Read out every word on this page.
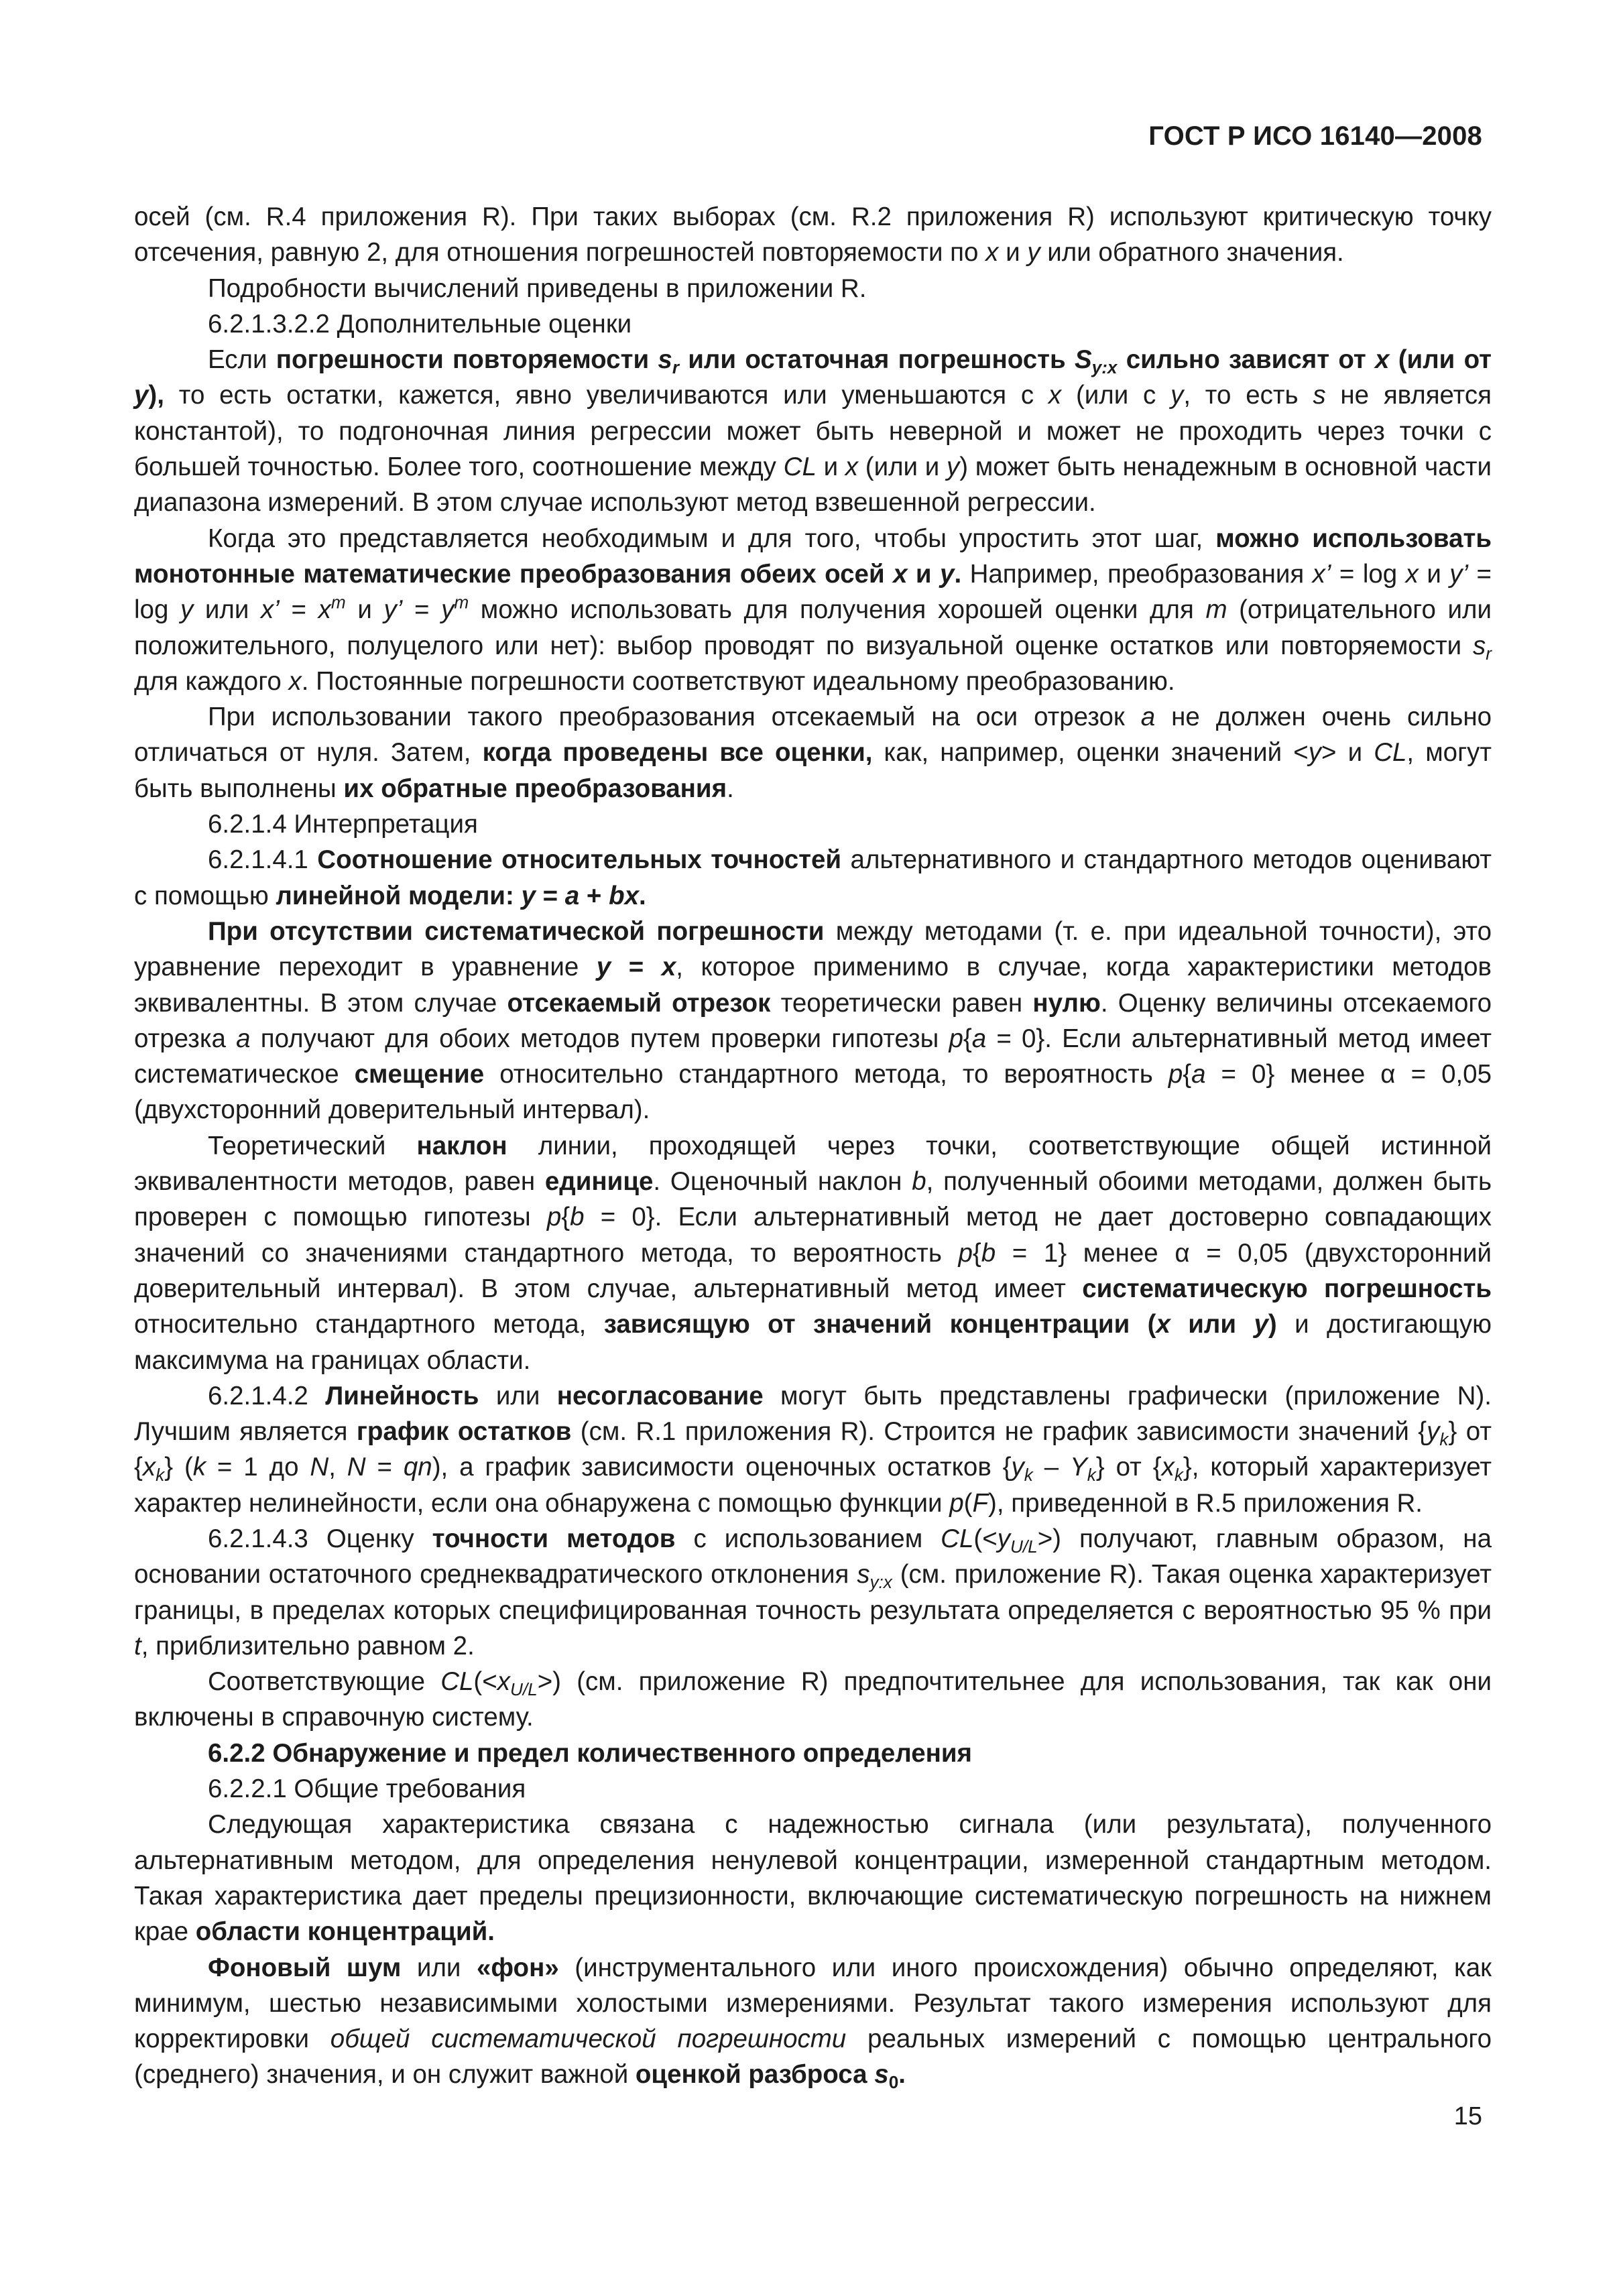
ГОСТ Р ИСО 16140—2008

осей (см. R.4 приложения R). При таких выборах (см. R.2 приложения R) используют критическую точку отсечения, равную 2, для отношения погрешностей повторяемости по x и y или обратного значения.

Подробности вычислений приведены в приложении R.

6.2.1.3.2.2 Дополнительные оценки

Если погрешности повторяемости $s_r$ или остаточная погрешность $S_{y:x}$ сильно зависят от x (или от y), то есть остатки, кажется, явно увеличиваются или уменьшаются с x (или с y, то есть s не является константой), то подгоночная линия регрессии может быть неверной и может не проходить через точки с большей точностью. Более того, соотношение между CL и x (или и y) может быть ненадежным в основной части диапазона измерений. В этом случае используют метод взвешенной регрессии.

Когда это представляется необходимым и для того, чтобы упростить этот шаг, можно использовать монотонные математические преобразования обеих осей x и y. Например, преобразования x’ = log x и y’ = log y или x’ = $x^m$ и y’ = $y^m$ можно использовать для получения хорошей оценки для m (отрицательного или положительного, полуцелого или нет): выбор проводят по визуальной оценке остатков или повторяемости $s_r$ для каждого x. Постоянные погрешности соответствуют идеальному преобразованию.

При использовании такого преобразования отсекаемый на оси отрезок a не должен очень сильно отличаться от нуля. Затем, когда проведены все оценки, как, например, оценки значений <y> и CL, могут быть выполнены их обратные преобразования.

6.2.1.4 Интерпретация

6.2.1.4.1 Соотношение относительных точностей альтернативного и стандартного методов оценивают с помощью линейной модели: y = a + bx.

При отсутствии систематической погрешности между методами (т. е. при идеальной точности), это уравнение переходит в уравнение y = x, которое применимо в случае, когда характеристики методов эквивалентны. В этом случае отсекаемый отрезок теоретически равен нулю. Оценку величины отсекаемого отрезка a получают для обоих методов путем проверки гипотезы p{a = 0}. Если альтернативный метод имеет систематическое смещение относительно стандартного метода, то вероятность p{a = 0} менее α = 0,05 (двухсторонний доверительный интервал).

Теоретический наклон линии, проходящей через точки, соответствующие общей истинной эквивалентности методов, равен единице. Оценочный наклон b, полученный обоими методами, должен быть проверен с помощью гипотезы p{b = 0}. Если альтернативный метод не дает достоверно совпадающих значений со значениями стандартного метода, то вероятность p{b = 1} менее α = 0,05 (двухсторонний доверительный интервал). В этом случае, альтернативный метод имеет систематическую погрешность относительно стандартного метода, зависящую от значений концентрации (x или y) и достигающую максимума на границах области.

6.2.1.4.2 Линейность или несогласование могут быть представлены графически (приложение N). Лучшим является график остатков (см. R.1 приложения R). Строится не график зависимости значений $\{y_k\}$ от $\{x_k\} (k = 1$ до N, N = qn), а график зависимости оценочных остатков $\{y_k - Y_k\}$ от $\{x_k\}$, который характеризует характер нелинейности, если она обнаружена с помощью функции p(F), приведенной в R.5 приложения R.

6.2.1.4.3 Оценку точности методов с использованием $CL(<y_{U/L}>)$ получают, главным образом, на основании остаточного среднеквадратического отклонения $s_{y:x}$ (см. приложение R). Такая оценка характеризует границы, в пределах которых специфицированная точность результата определяется с вероятностью 95 % при t, приблизительно равном 2.

Соответствующие $CL(<x_{U/L}>)$ (см. приложение R) предпочтительнее для использования, так как они включены в справочную систему.

6.2.2 Обнаружение и предел количественного определения

6.2.2.1 Общие требования

Следующая характеристика связана с надежностью сигнала (или результата), полученного альтернативным методом, для определения ненулевой концентрации, измеренной стандартным методом. Такая характеристика дает пределы прецизионности, включающие систематическую погрешность на нижнем крае области концентраций.

Фоновый шум или «фон» (инструментального или иного происхождения) обычно определяют, как минимум, шестью независимыми холостыми измерениями. Результат такого измерения используют для корректировки общей систематической погрешности реальных измерений с помощью центрального (среднего) значения, и он служит важной оценкой разброса $s_0$.

15
